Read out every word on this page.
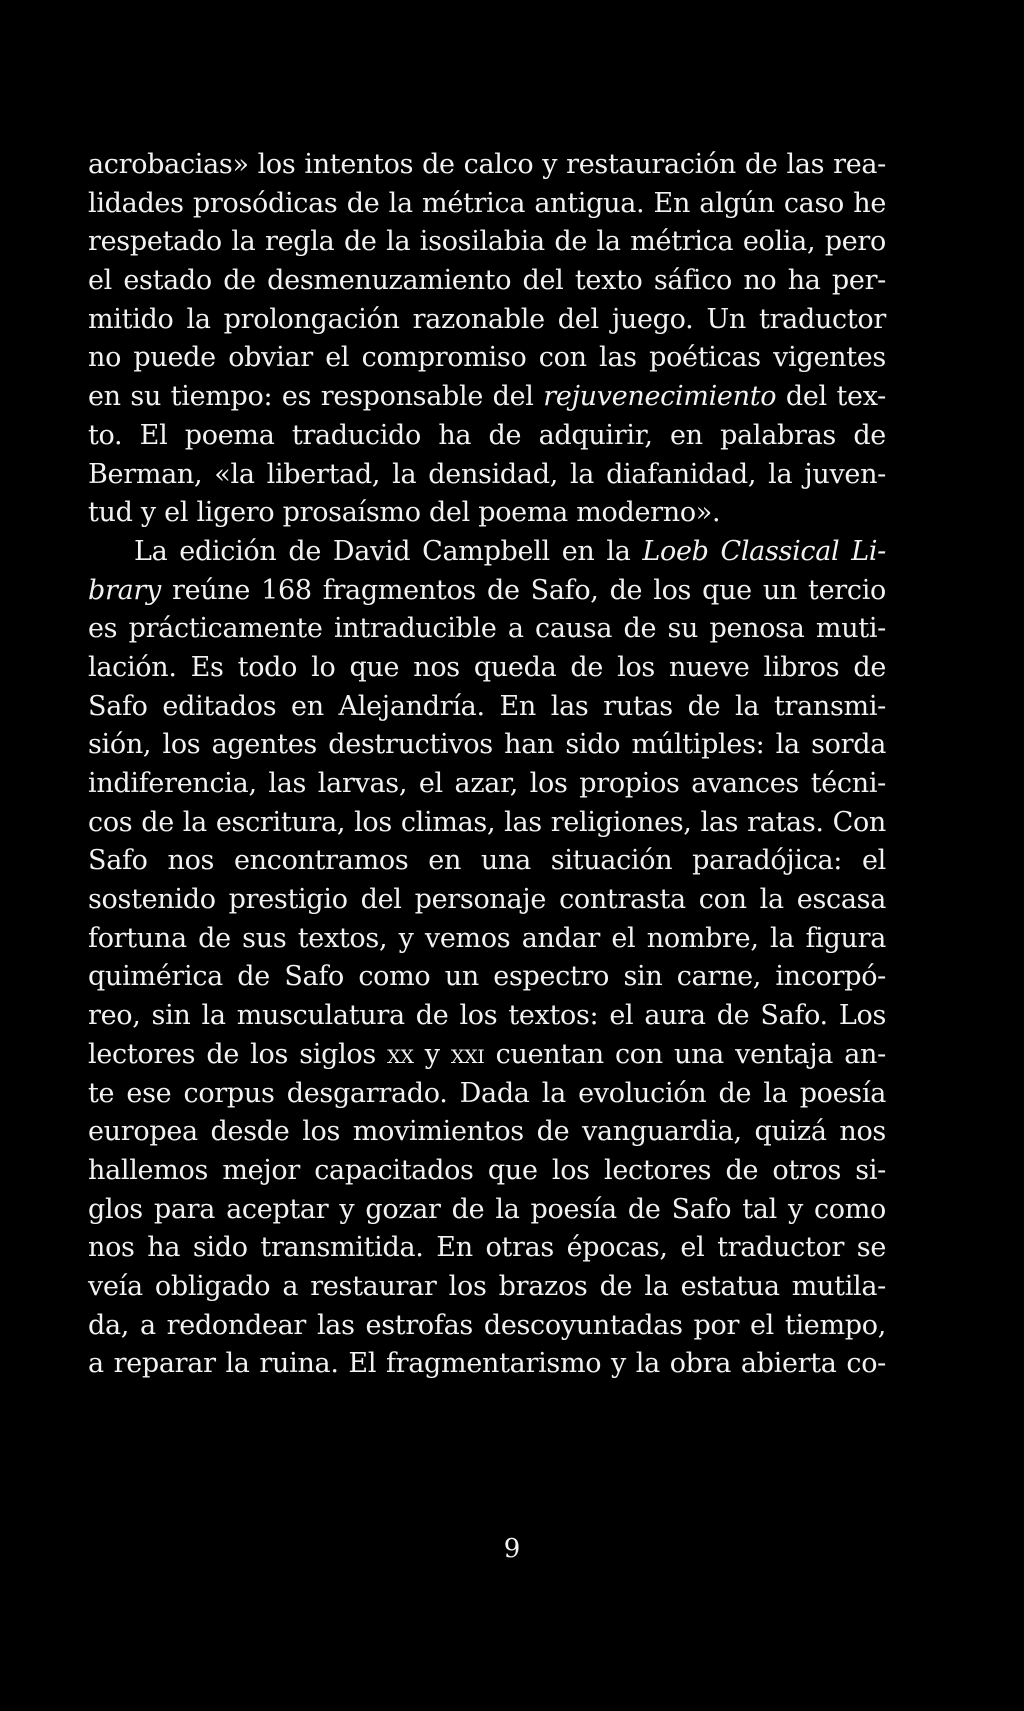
acrobacias» los intentos de calco y restauración de las rea-
lidades prosódicas de la métrica antigua. En algún caso he
respetado la regla de la isosilabia de la métrica eolia, pero
el estado de desmenuzamiento del texto sáfico no ha per-
mitido la prolongación razonable del juego. Un traductor
no puede obviar el compromiso con las poéticas vigentes
en su tiempo: es responsable del rejuvenecimiento del tex-
to. El poema traducido ha de adquirir, en palabras de
Berman, «la libertad, la densidad, la diafanidad, la juven-
tud y el ligero prosaísmo del poema moderno».
La edición de David Campbell en la Loeb Classical Li-
brary reúne 168 fragmentos de Safo, de los que un tercio
es prácticamente intraducible a causa de su penosa muti-
lación. Es todo lo que nos queda de los nueve libros de
Safo editados en Alejandría. En las rutas de la transmi-
sión, los agentes destructivos han sido múltiples: la sorda
indiferencia, las larvas, el azar, los propios avances técni-
cos de la escritura, los climas, las religiones, las ratas. Con
Safo nos encontramos en una situación paradójica: el
sostenido prestigio del personaje contrasta con la escasa
fortuna de sus textos, y vemos andar el nombre, la figura
quimérica de Safo como un espectro sin carne, incorpó-
reo, sin la musculatura de los textos: el aura de Safo. Los
lectores de los siglos xx y xxi cuentan con una ventaja an-
te ese corpus desgarrado. Dada la evolución de la poesía
europea desde los movimientos de vanguardia, quizá nos
hallemos mejor capacitados que los lectores de otros si-
glos para aceptar y gozar de la poesía de Safo tal y como
nos ha sido transmitida. En otras épocas, el traductor se
veía obligado a restaurar los brazos de la estatua mutila-
da, a redondear las estrofas descoyuntadas por el tiempo,
a reparar la ruina. El fragmentarismo y la obra abierta co-
9
